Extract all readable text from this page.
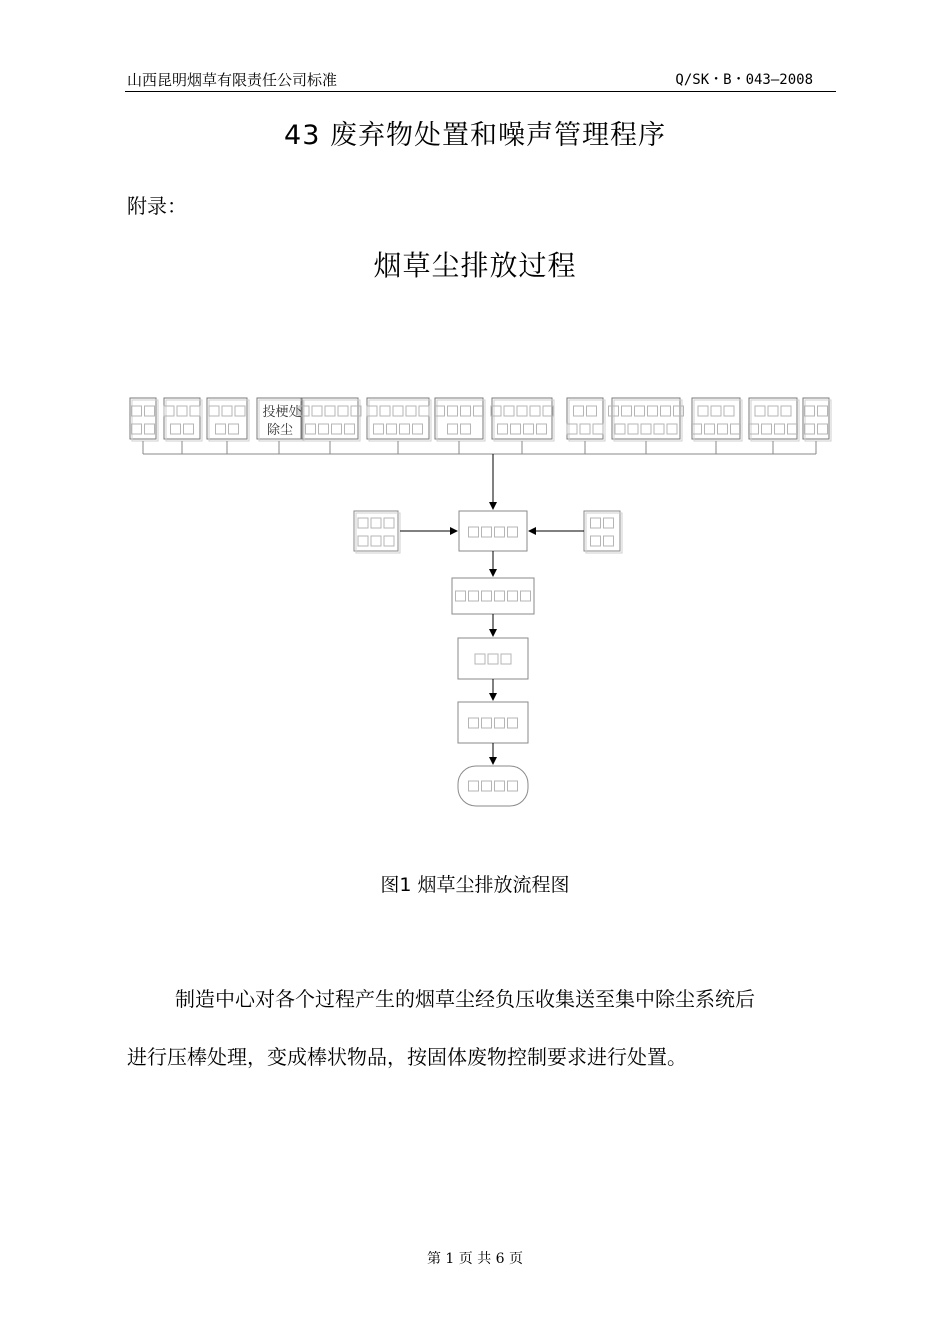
山西昆明烟草有限责任公司标准	Q/SK・B・043—2008
43 废弃物处置和噪声管理程序
附录：
烟草尘排放过程
投梗处
除尘
图1 烟草尘排放流程图

制造中心对各个过程产生的烟草尘经负压收集送至集中除尘系统后

进行压棒处理，变成棒状物品，按固体废物控制要求进行处置。

第 1 页 共 6 页
